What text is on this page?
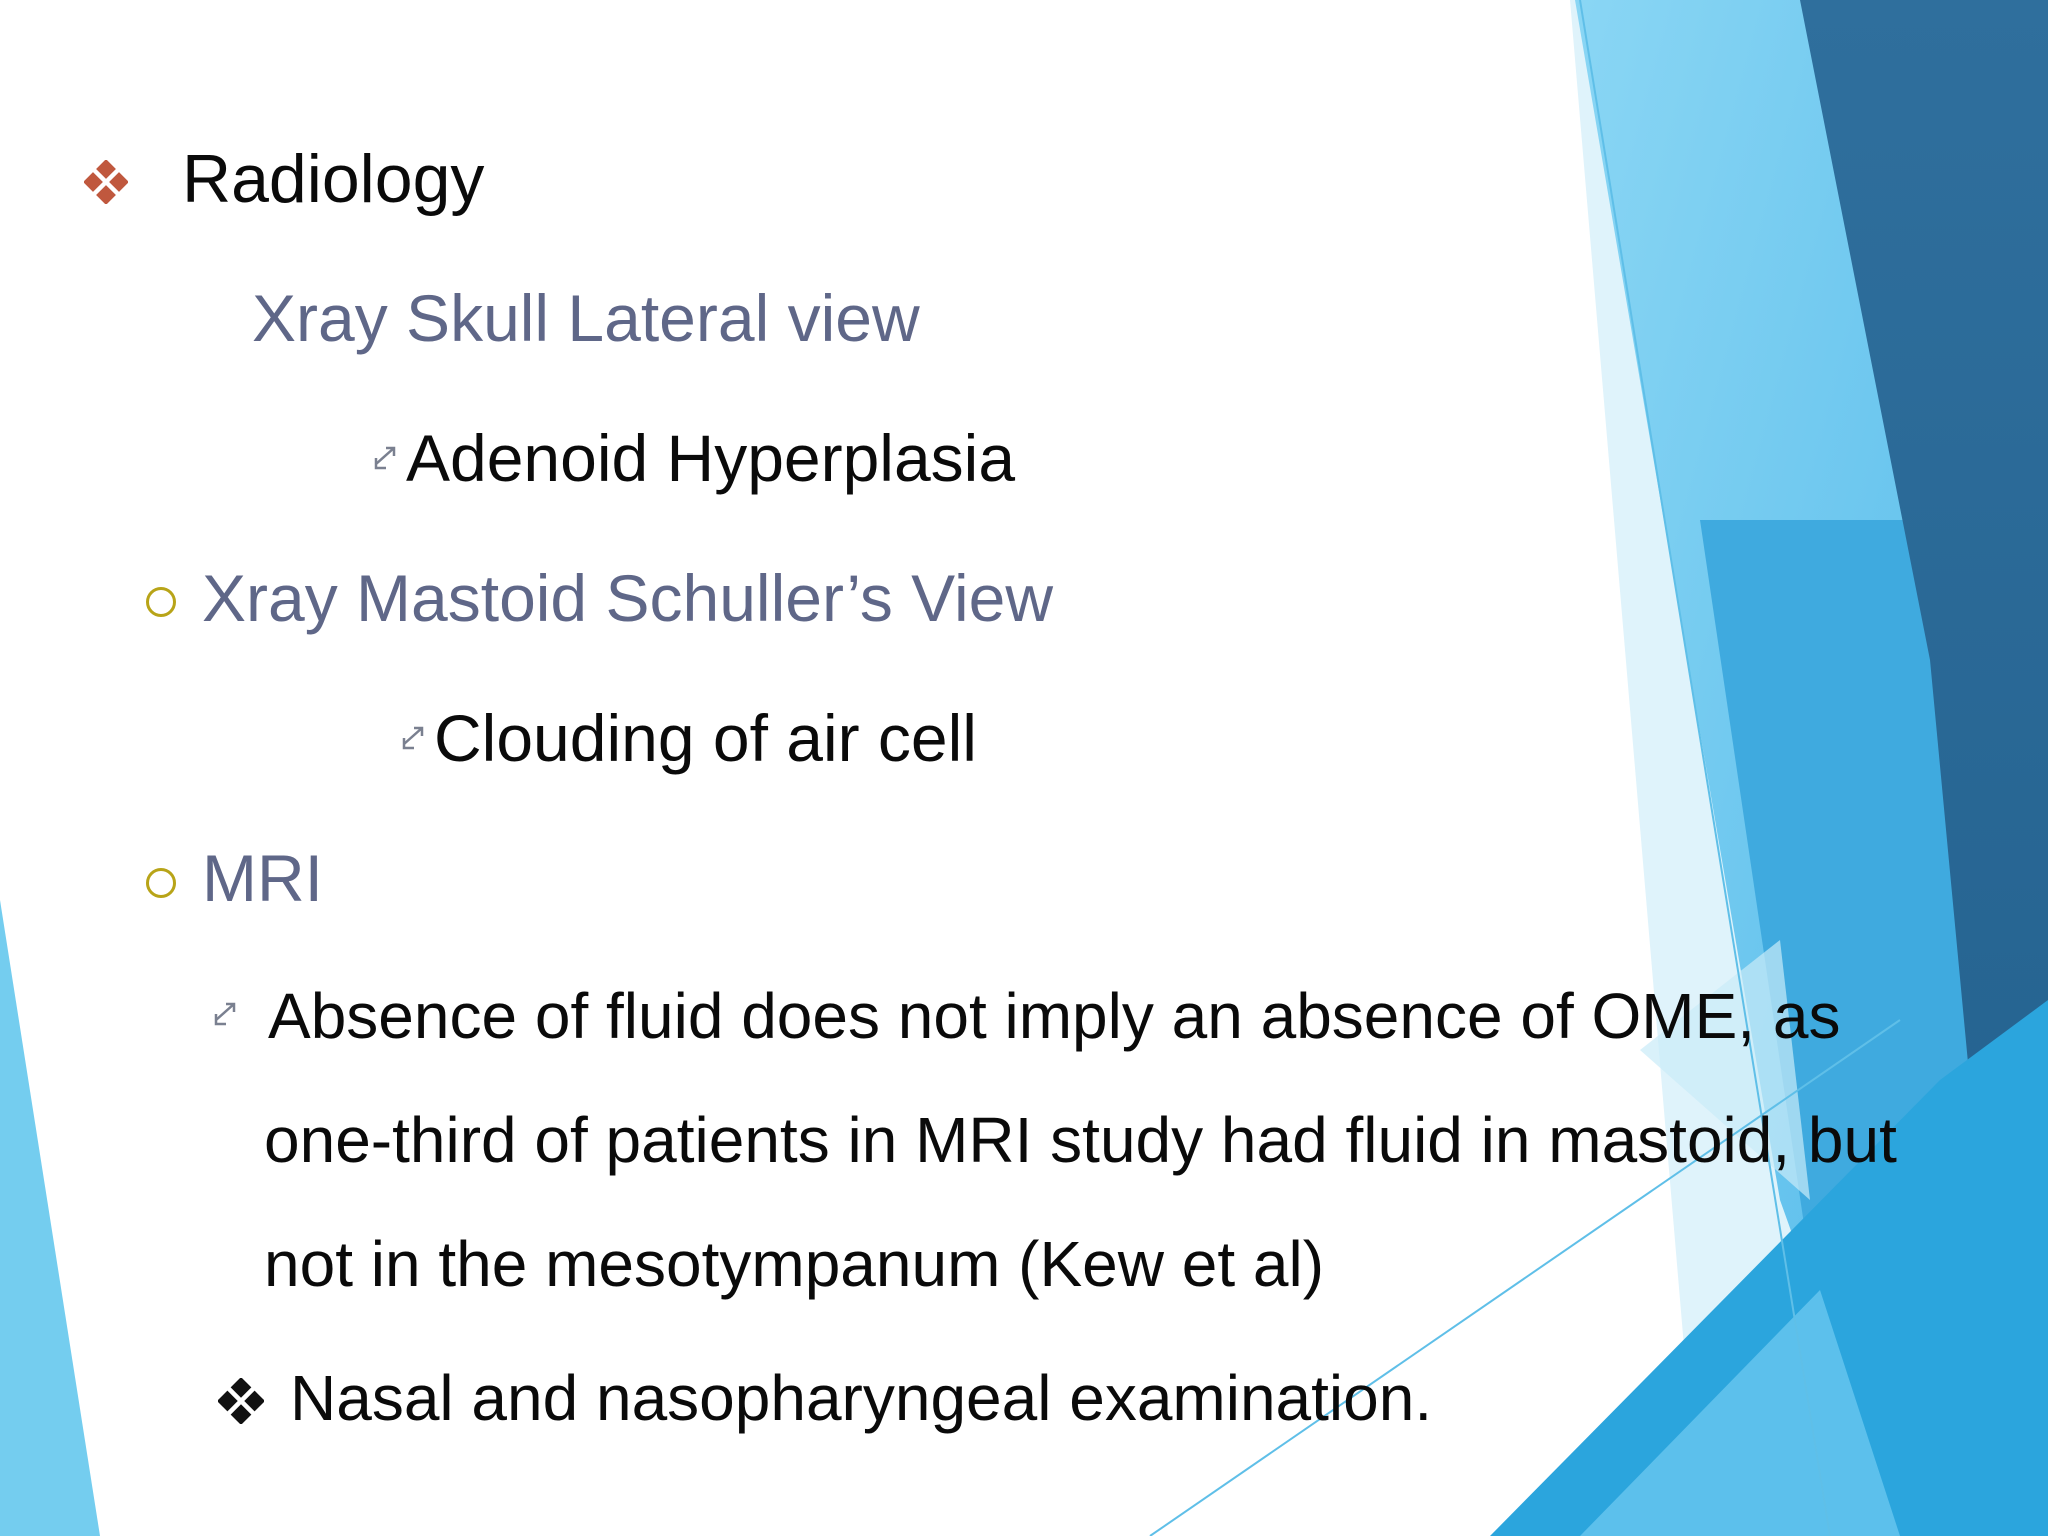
Radiology
Xray Skull Lateral view
Adenoid Hyperplasia
Xray Mastoid Schuller’s View
Clouding of air cell
MRI
Absence of fluid does not imply an absence of OME, as
one-third of patients in MRI study had fluid in mastoid, but
not in the mesotympanum (Kew et al)
Nasal and nasopharyngeal examination.
